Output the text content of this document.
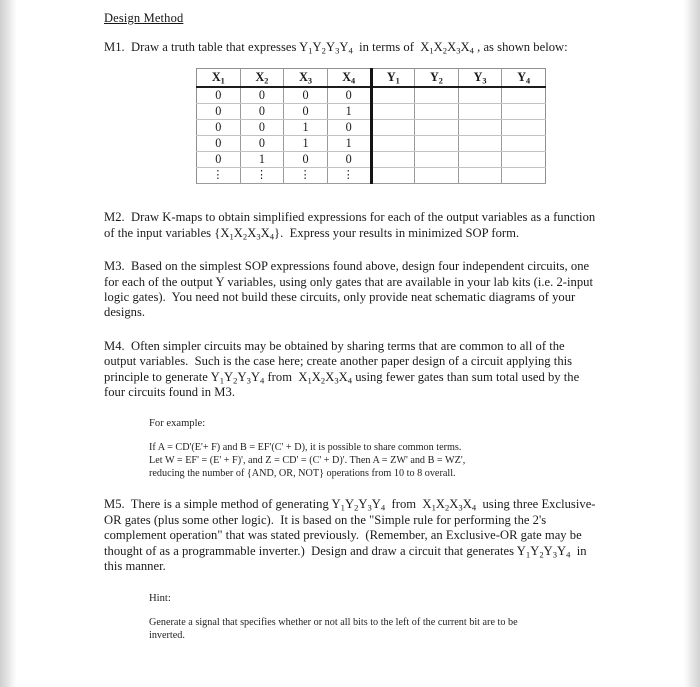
Design Method

M1.  Draw a truth table that expresses $Y_1Y_2Y_3Y_4$  in terms of  $X_1X_2X_3X_4$ , as shown below:

$X_1$	$X_2$	$X_3$	$X_4$	$Y_1$	$Y_2$	$Y_3$	$Y_4$
0	0	0	0				
0	0	0	1				
0	0	1	0				
0	0	1	1				
0	1	0	0				
⋮	⋮	⋮	⋮				

M2.  Draw K-maps to obtain simplified expressions for each of the output variables as a function of the input variables $\{X_1X_2X_3X_4\}$.  Express your results in minimized SOP form.

M3.  Based on the simplest SOP expressions found above, design four independent circuits, one for each of the output Y variables, using only gates that are available in your lab kits (i.e. 2-input logic gates).  You need not build these circuits, only provide neat schematic diagrams of your designs.

M4.  Often simpler circuits may be obtained by sharing terms that are common to all of the output variables.  Such is the case here; create another paper design of a circuit applying this principle to generate $Y_1Y_2Y_3Y_4$ from  $X_1X_2X_3X_4$ using fewer gates than sum total used by the four circuits found in M3.

For example:

If A = CD'(E'+ F) and B = EF'(C' + D), it is possible to share common terms.
Let W = EF' = (E' + F)', and Z = CD' = (C' + D)'. Then A = ZW' and B = WZ',
reducing the number of {AND, OR, NOT} operations from 10 to 8 overall.

M5.  There is a simple method of generating $Y_1Y_2Y_3Y_4$  from  $X_1X_2X_3X_4$  using three Exclusive-OR gates (plus some other logic).  It is based on the "Simple rule for performing the 2's complement operation" that was stated previously.  (Remember, an Exclusive-OR gate may be thought of as a programmable inverter.)  Design and draw a circuit that generates $Y_1Y_2Y_3Y_4$  in this manner.

Hint:

Generate a signal that specifies whether or not all bits to the left of the current bit are to be
inverted.
